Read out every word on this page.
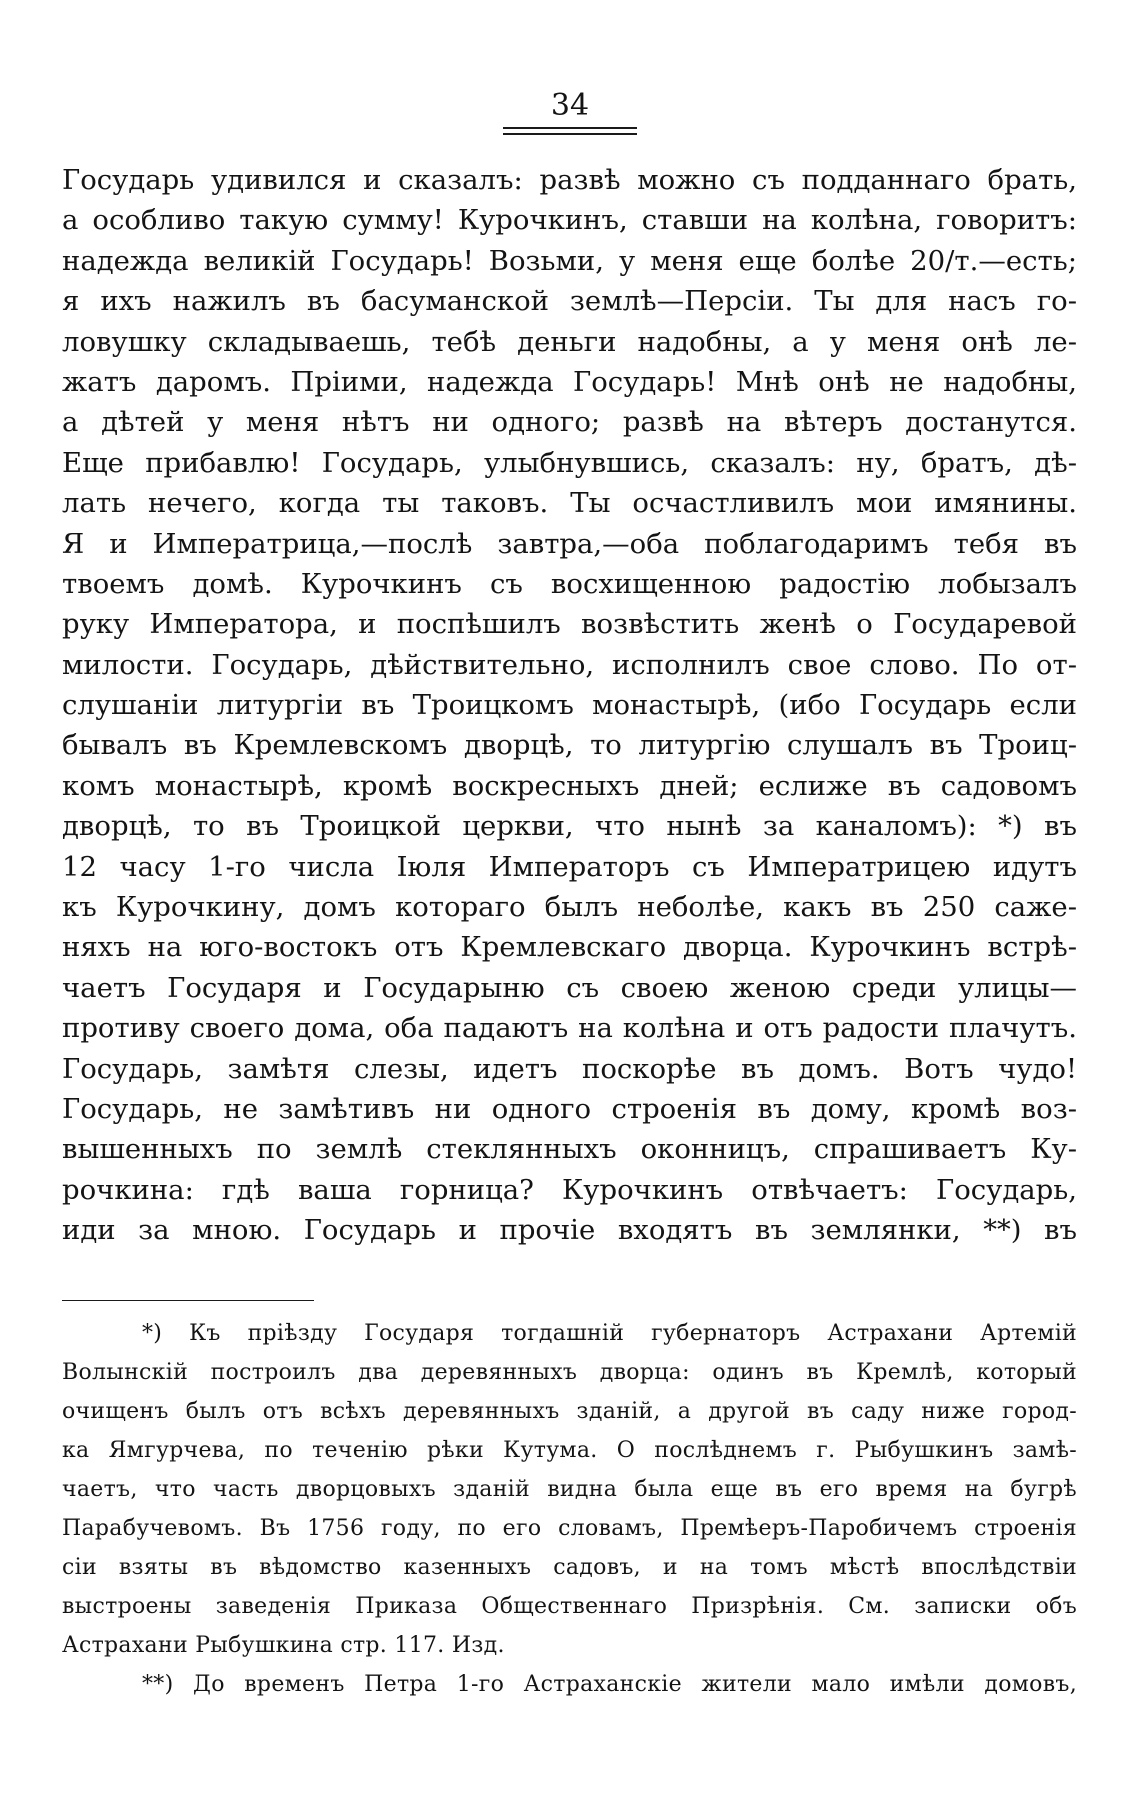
34
Государь удивился и сказалъ: развѣ можно съ подданнаго брать,
а особливо такую сумму! Курочкинъ, ставши на колѣна, говоритъ:
надежда великій Государь! Возьми, у меня еще болѣе 20/т.—есть;
я ихъ нажилъ въ басуманской землѣ—Персіи. Ты для насъ го-
ловушку складываешь, тебѣ деньги надобны, а у меня онѣ ле-
жатъ даромъ. Пріими, надежда Государь! Мнѣ онѣ не надобны,
а дѣтей у меня нѣтъ ни одного; развѣ на вѣтеръ достанутся.
Еще прибавлю! Государь, улыбнувшись, сказалъ: ну, братъ, дѣ-
лать нечего, когда ты таковъ. Ты осчастливилъ мои имянины.
Я и Императрица,—послѣ завтра,—оба поблагодаримъ тебя въ
твоемъ домѣ. Курочкинъ съ восхищенною радостію лобызалъ
руку Императора, и поспѣшилъ возвѣстить женѣ о Государевой
милости. Государь, дѣйствительно, исполнилъ свое слово. По от-
слушаніи литургіи въ Троицкомъ монастырѣ, (ибо Государь если
бывалъ въ Кремлевскомъ дворцѣ, то литургію слушалъ въ Троиц-
комъ монастырѣ, кромѣ воскресныхъ дней; еслиже въ садовомъ
дворцѣ, то въ Троицкой церкви, что нынѣ за каналомъ): *) въ
12 часу 1-го числа Іюля Императоръ съ Императрицею идутъ
къ Курочкину, домъ котораго былъ неболѣе, какъ въ 250 саже-
няхъ на юго-востокъ отъ Кремлевскаго дворца. Курочкинъ встрѣ-
чаетъ Государя и Государыню съ своею женою среди улицы—
противу своего дома, оба падаютъ на колѣна и отъ радости плачутъ.
Государь, замѣтя слезы, идетъ поскорѣе въ домъ. Вотъ чудо!
Государь, не замѣтивъ ни одного строенія въ дому, кромѣ воз-
вышенныхъ по землѣ стеклянныхъ оконницъ, спрашиваетъ Ку-
рочкина: гдѣ ваша горница? Курочкинъ отвѣчаетъ: Государь,
иди за мною. Государь и прочіе входятъ въ землянки, **) въ
*) Къ пріѣзду Государя тогдашній губернаторъ Астрахани Артемій
Волынскій построилъ два деревянныхъ дворца: одинъ въ Кремлѣ, который
очищенъ былъ отъ всѣхъ деревянныхъ зданій, а другой въ саду ниже город-
ка Ямгурчева, по теченію рѣки Кутума. О послѣднемъ г. Рыбушкинъ замѣ-
чаетъ, что часть дворцовыхъ зданій видна была еще въ его время на бугрѣ
Парабучевомъ. Въ 1756 году, по его словамъ, Премѣеръ-Паробичемъ строенія
сіи взяты въ вѣдомство казенныхъ садовъ, и на томъ мѣстѣ впослѣдствіи
выстроены заведенія Приказа Общественнаго Призрѣнія. См. записки объ
Астрахани Рыбушкина стр. 117. Изд.
**) До временъ Петра 1-го Астраханскіе жители мало имѣли домовъ,
